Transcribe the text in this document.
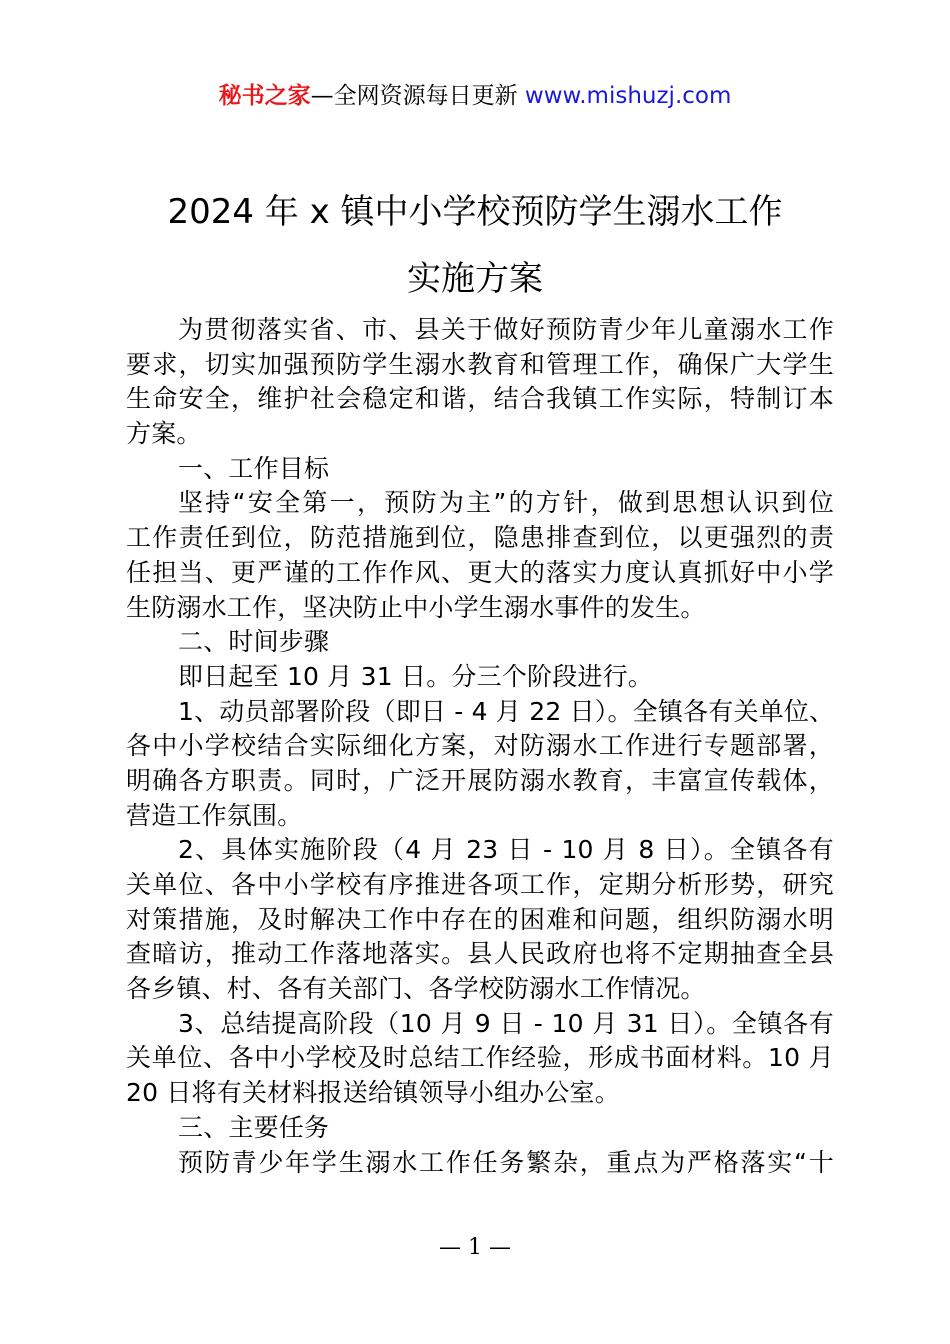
秘书之家—全网资源每日更新 www.mishuzj.com
2024 年 x 镇中小学校预防学生溺水工作
实施方案
为贯彻落实省、市、县关于做好预防青少年儿童溺水工作
要求，切实加强预防学生溺水教育和管理工作，确保广大学生
生命安全，维护社会稳定和谐，结合我镇工作实际，特制订本
方案。
一、工作目标
坚持“安全第一，预防为主”的方针，做到思想认识到位
工作责任到位，防范措施到位，隐患排查到位，以更强烈的责
任担当、更严谨的工作作风、更大的落实力度认真抓好中小学
生防溺水工作，坚决防止中小学生溺水事件的发生。
二、时间步骤
即日起至 10 月 31 日。分三个阶段进行。
1、动员部署阶段（即日 - 4 月 22 日）。全镇各有关单位、
各中小学校结合实际细化方案，对防溺水工作进行专题部署，
明确各方职责。同时，广泛开展防溺水教育，丰富宣传载体，
营造工作氛围。
2、具体实施阶段（4 月 23 日 - 10 月 8 日）。全镇各有
关单位、各中小学校有序推进各项工作，定期分析形势，研究
对策措施，及时解决工作中存在的困难和问题，组织防溺水明
查暗访，推动工作落地落实。县人民政府也将不定期抽查全县
各乡镇、村、各有关部门、各学校防溺水工作情况。
3、总结提高阶段（10 月 9 日 - 10 月 31 日）。全镇各有
关单位、各中小学校及时总结工作经验，形成书面材料。10 月
20 日将有关材料报送给镇领导小组办公室。
三、主要任务
预防青少年学生溺水工作任务繁杂，重点为严格落实“十
— 1 —
